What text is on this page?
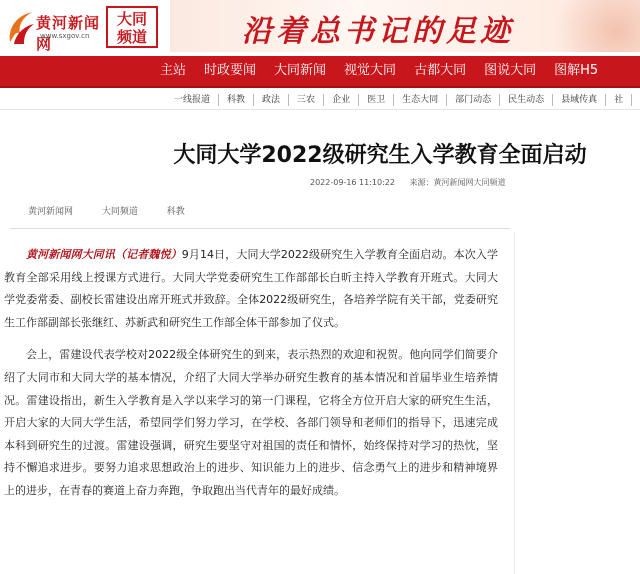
黄河新闻网
www.sxgov.cn
大同
频道	沿着总书记的足迹
主站 时政要闻 大同新闻 视觉大同 古都大同 图说大同 图解H5
一线报道	科教	政法	三农	企业	医卫	生态大同	部门动态	民生动态	县域传真	社
大同大学2022级研究生入学教育全面启动
2022-09-16 11:10:22 来源：黄河新闻网大同频道
黄河新闻网	大同频道	科教

黄河新闻网大同讯（记者魏悦）9月14日，大同大学2022级研究生入学教育全面启动。本次入学教育全部采用线上授课方式进行。大同大学党委研究生工作部部长白昕主持入学教育开班式。大同大学党委常委、副校长雷建设出席开班式并致辞。全体2022级研究生，各培养学院有关干部，党委研究生工作部副部长张继红、苏新武和研究生工作部全体干部参加了仪式。

会上，雷建设代表学校对2022级全体研究生的到来，表示热烈的欢迎和祝贺。他向同学们简要介绍了大同市和大同大学的基本情况，介绍了大同大学举办研究生教育的基本情况和首届毕业生培养情况。雷建设指出，新生入学教育是入学以来学习的第一门课程，它将全方位开启大家的研究生生活，开启大家的大同大学生活，希望同学们努力学习，在学校、各部门领导和老师们的指导下，迅速完成本科到研究生的过渡。雷建设强调，研究生要坚守对祖国的责任和情怀，始终保持对学习的热忱，坚持不懈追求进步。要努力追求思想政治上的进步、知识能力上的进步、信念勇气上的进步和精神境界上的进步，在青春的赛道上奋力奔跑，争取跑出当代青年的最好成绩。
